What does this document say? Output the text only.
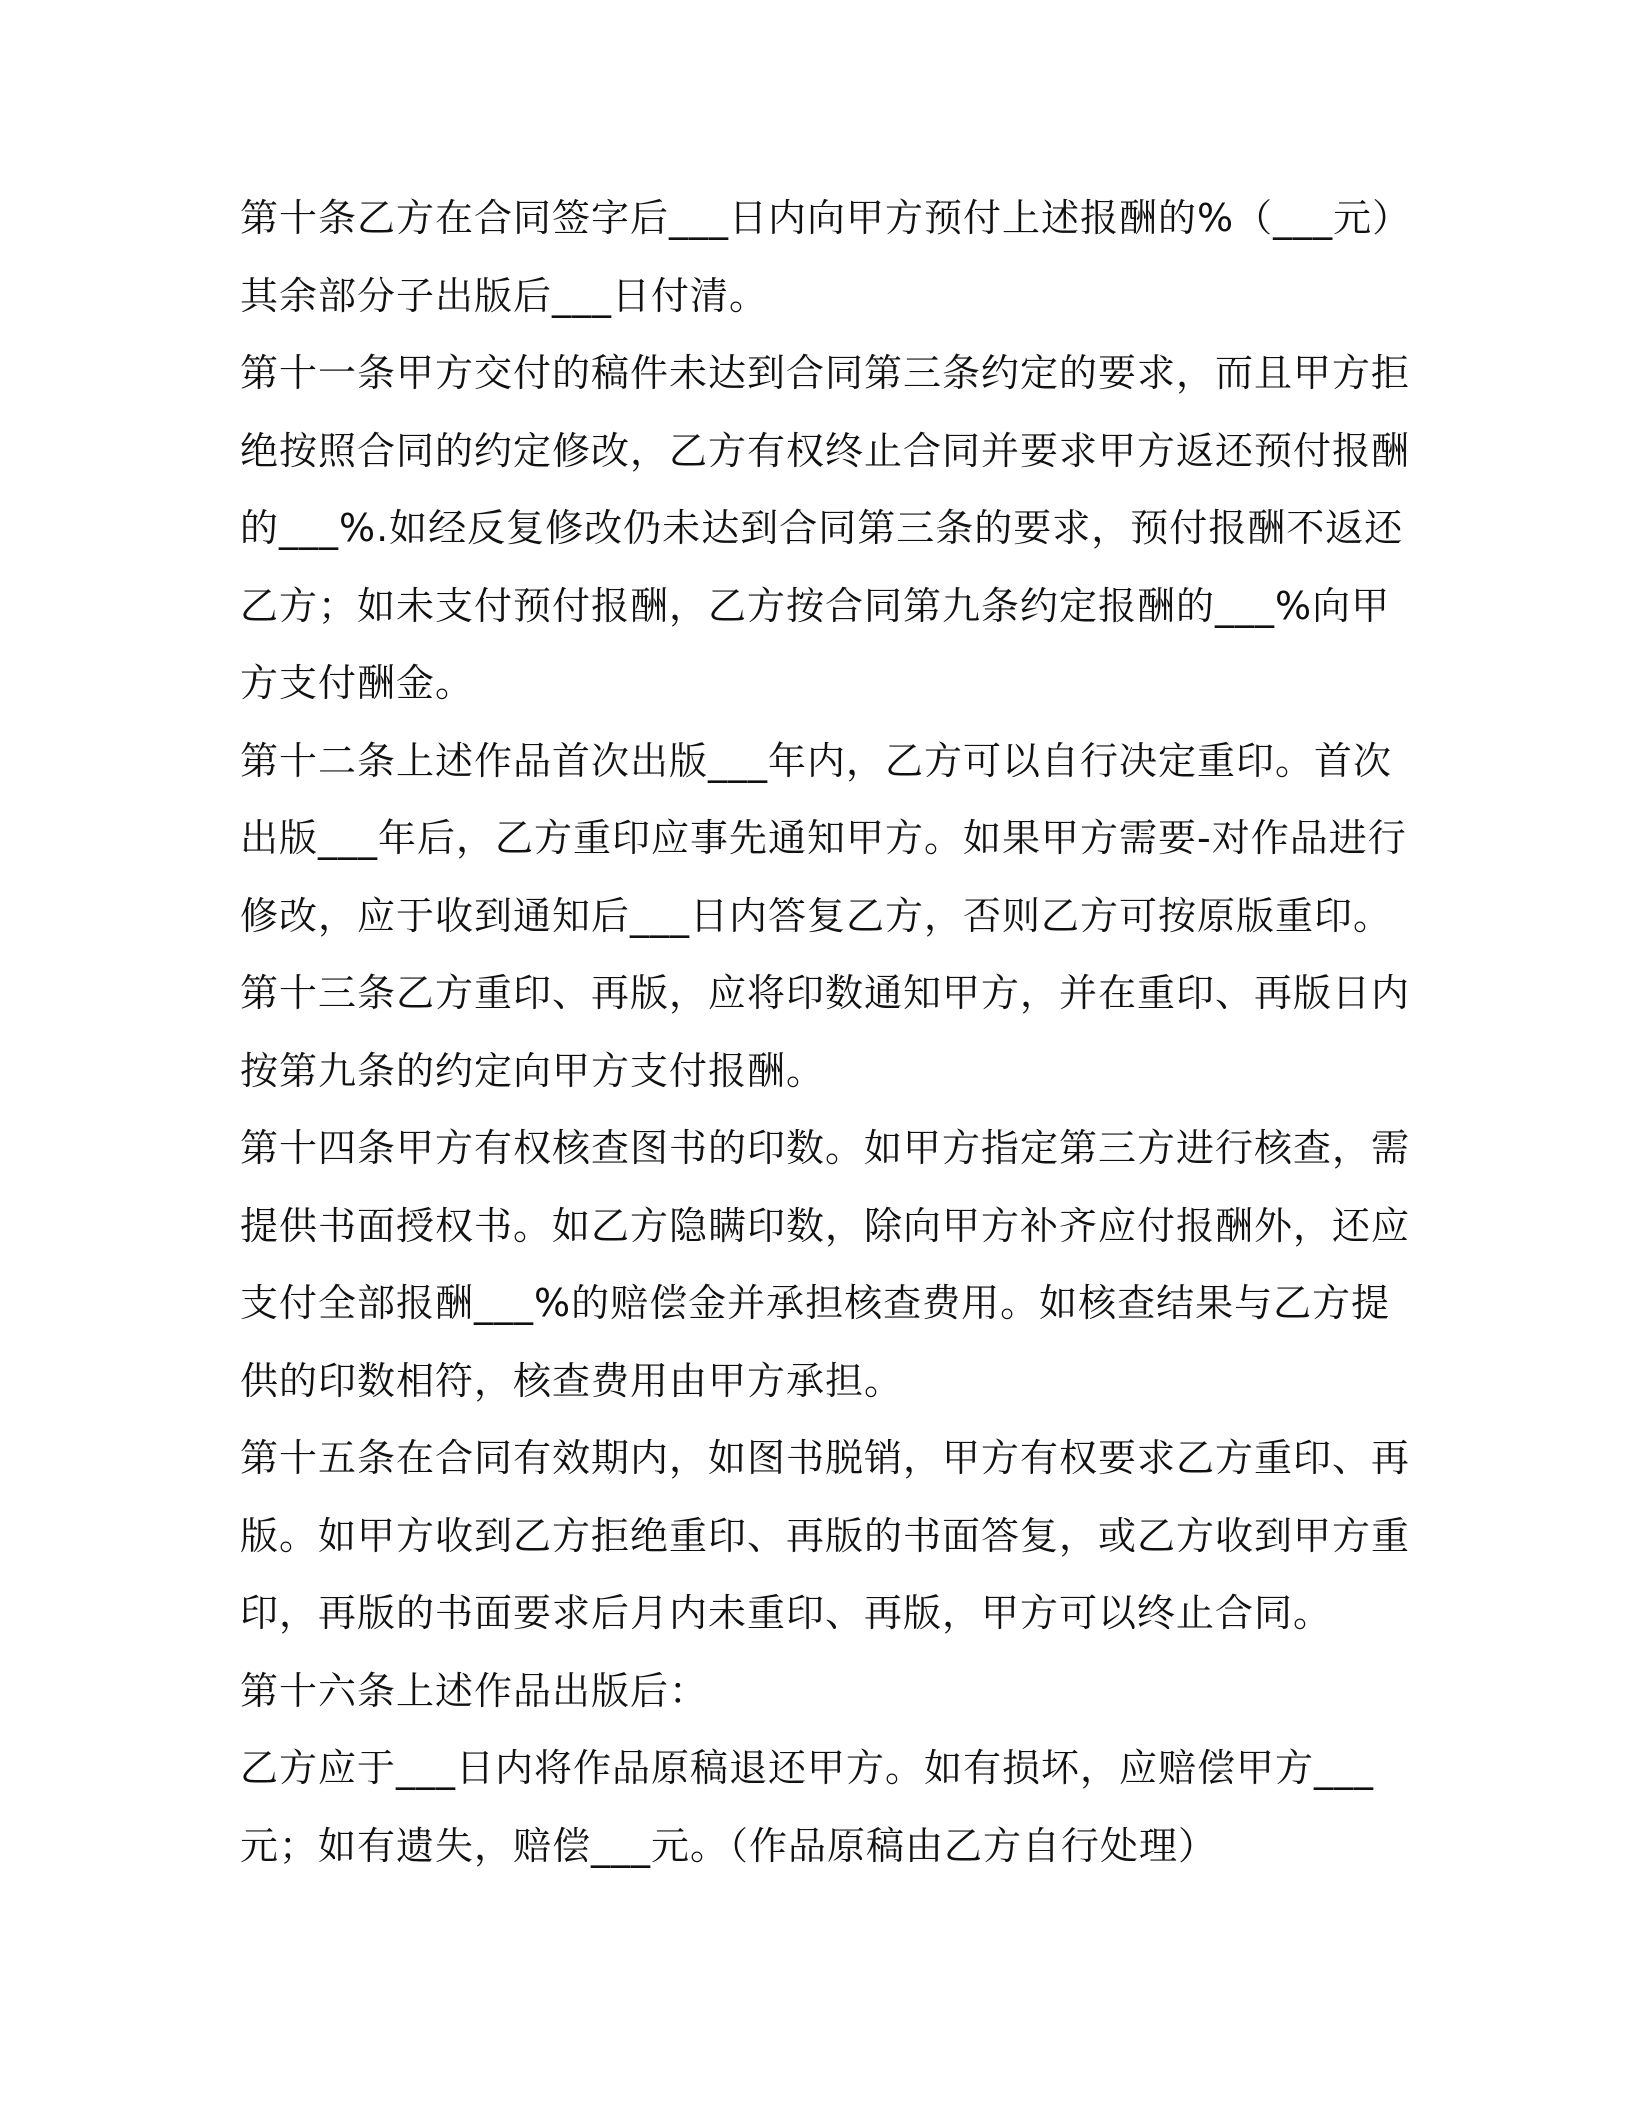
第十条乙方在合同签字后___日内向甲方预付上述报酬的%（___元）其余部分子出版后___日付清。

第十一条甲方交付的稿件未达到合同第三条约定的要求，而且甲方拒绝按照合同的约定修改，乙方有权终止合同并要求甲方返还预付报酬的___%.如经反复修改仍未达到合同第三条的要求，预付报酬不返还乙方；如未支付预付报酬，乙方按合同第九条约定报酬的___%向甲方支付酬金。

第十二条上述作品首次出版___年内，乙方可以自行决定重印。首次出版___年后，乙方重印应事先通知甲方。如果甲方需要-对作品进行修改，应于收到通知后___日内答复乙方，否则乙方可按原版重印。

第十三条乙方重印、再版，应将印数通知甲方，并在重印、再版日内按第九条的约定向甲方支付报酬。

第十四条甲方有权核查图书的印数。如甲方指定第三方进行核查，需提供书面授权书。如乙方隐瞒印数，除向甲方补齐应付报酬外，还应支付全部报酬___%的赔偿金并承担核查费用。如核查结果与乙方提供的印数相符，核查费用由甲方承担。

第十五条在合同有效期内，如图书脱销，甲方有权要求乙方重印、再版。如甲方收到乙方拒绝重印、再版的书面答复，或乙方收到甲方重印，再版的书面要求后月内未重印、再版，甲方可以终止合同。

第十六条上述作品出版后：

乙方应于___日内将作品原稿退还甲方。如有损坏，应赔偿甲方___元；如有遗失，赔偿___元。（作品原稿由乙方自行处理）
